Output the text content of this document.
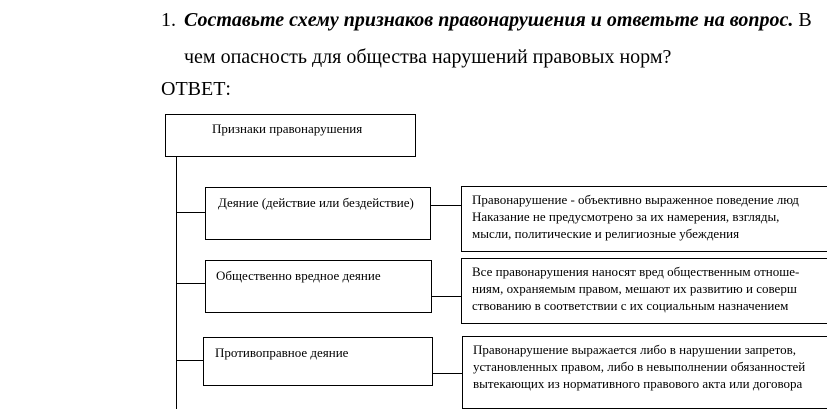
1. Составьте схему признаков правонарушения и ответьте на вопрос. В
чем опасность для общества нарушений правовых норм?
ОТВЕТ:
Признаки правонарушения
Деяние (действие или бездействие)	Правонарушение - объективно выраженное поведение люд
Наказание не предусмотрено за их намерения, взгляды,
мысли, политические и религиозные убеждения
Общественно вредное деяние	Все правонарушения наносят вред общественным отноше-
ниям, охраняемым правом, мешают их развитию и соверш
ствованию в соответствии с их социальным назначением
Противоправное деяние	Правонарушение выражается либо в нарушении запретов,
установленных правом, либо в невыполнении обязанностей
вытекающих из нормативного правового акта или договора
